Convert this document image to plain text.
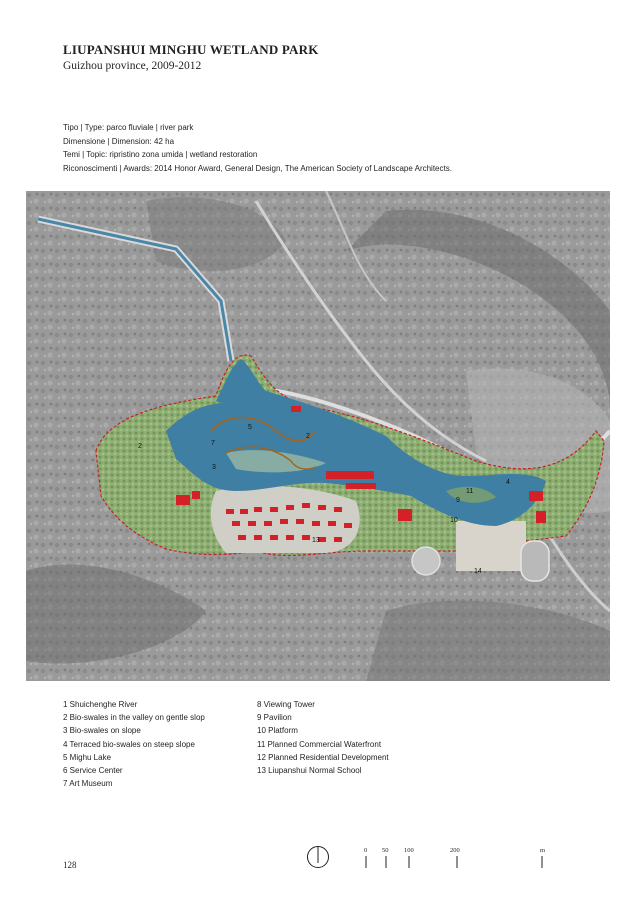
LIUPANSHUI MINGHU WETLAND PARK

Guizhou province, 2009-2012

Tipo | Type: parco fluviale | river park

Dimensione | Dimension: 42 ha

Temi | Topic: ripristino zona umida | wetland restoration

Riconoscimenti | Awards: 2014 Honor Award, General Design, The American Society of Landscape Architects.

2
5
2
7
3
4
11
9
10
13
14
1 Shuichenghe River
2 Bio-swales in the valley on gentle slop
3 Bio-swales on slope
4 Terraced bio-swales on steep slope
5 Mighu Lake
6 Service Center
7 Art Museum
8 Viewing Tower
9 Pavilion
10 Platform
11 Planned Commercial Waterfront
12 Planned Residential Development
13 Liupanshui Normal School
128
0 50 100	200	m
